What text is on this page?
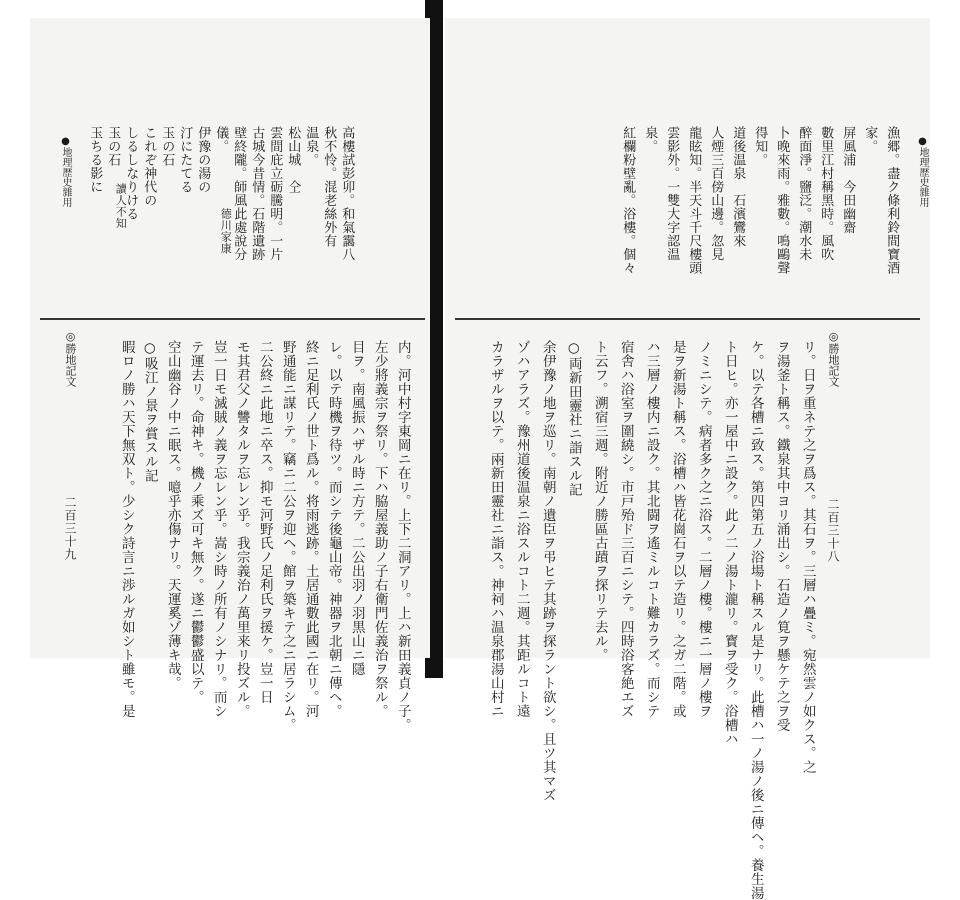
●地理歴史雜用	高樓試彭卯。和氣靄八
秋不怜。混老絲外有
温泉。
松山城　仝
雲間庇立砺騰明。一片
古城今昔情。石階遺跡
壁終隴。師風此處說分
儀。
伊豫の湯の
汀にたてる
玉の石
これぞ神代の
しるしなりける
玉の石
玉ちる影に
德川家康
讀人不知
◎勝地記文
二百三十九	内。河中村字東岡ニ在リ。上下二洞アリ。上ハ新田義貞ノ子。
左少將義宗ヲ祭リ。下ハ脇屋義助ノ子右衛門佐義治ヲ祭ル。
目ヲ。南風振ハザル時ニ方テ。二公出羽ノ羽黒山ニ隱
レ。以テ時機ヲ待ツ。而シテ後龜山帝。神器ヲ北朝ニ傳ヘ。
終ニ足利氏ノ世ト爲ル。将雨逃跡。土居通數此國ニ在リ。河
野通能ニ謀リテ。竊ニ二公ヲ迎ヘ。館ヲ築キテ之ニ居ラシム。
二公終ニ此地ニ卒ス。抑モ河野氏ノ足利氏ヲ援ケ。豈一日
モ其君父ノ讐タルヲ忘レン乎。我宗義治ノ萬里来リ投ズル。
豈一日モ滅賊ノ義ヲ忘レン乎。嵩シ時ノ所有ノシナリ。而シ
テ運去リ。命神キ。機ノ乘ズ可キ無ク。遂ニ鬱鬱盛以テ。
空山幽谷ノ中ニ眠ス。噫乎亦傷ナリ。天運奚ゾ薄キ哉。
○吸江ノ景ヲ賞スル記
暇ロノ勝ハ天下無双ト。少シク詩言ニ渉ルガ如シト雖モ。是
●地理歴史雜用
漁郷。盡ク條利鈴間寶酒
家。
屏風浦　今田幽齋
數里江村稱黑時。風吹
醉面淨。鹽泛。潮水未
卜晚來雨。雅數。鳴鷗聲
得知。
道後温泉　石濱鸞來
人煙三百傍山邊。忽見
龍眩知。半天斗千尺樓頭
雲影外。一雙大字認温
泉。
紅欄粉壁亂。浴樓。個々
◎勝地記文
二百三十八
リ。日ヲ重ネテ之ヲ爲ス。其石ヲ。三層ハ疊ミ。宛然雲ノ如クス。之
ヲ湯釜ト稱ス。鐵泉其中ヨリ涌出シ。石造ノ筧ヲ懸ケテ之ヲ受
ケ。以テ各槽ニ致ス。第四第五ノ浴場ト稱スル是ナリ。此槽ハ一ノ湯ノ後ニ傳ヘ。養生湯
ト日ヒ。亦一屋中ニ設ク。此ノ二ノ湯ト瀧リ。寳ヲ受ク。浴槽ハ
ノミニシテ。病者多ク之ニ浴ス。二層ノ樓。樓ニ一層ノ樓ヲ
是ヲ新湯ト稱ス。浴槽ハ皆花崗石ヲ以テ造リ。之ガ二階。或
ハ三層ノ樓内ニ設ク。其北闘ヲ遙ミルコト難カラズ。而シテ
宿舎ハ浴室ヲ圍繞シ。市戸殆ド三百ニシテ。四時浴客絶エズ
ト云フ。溯宿三週。附近ノ勝區古蹟ヲ探リテ去ル。
○両新田靈社ニ詣スル記
余伊豫ノ地ヲ巡リ。南朝ノ遺臣ヲ弔ヒテ其跡ヲ探ラント欲シ。且ツ其マズ
ゾハアラズ。豫州道後温泉ニ浴スルコト二週。其距ルコト遠
カラザルヲ以テ。兩新田靈社ニ詣ス。神祠ハ温泉郡湯山村ニ
